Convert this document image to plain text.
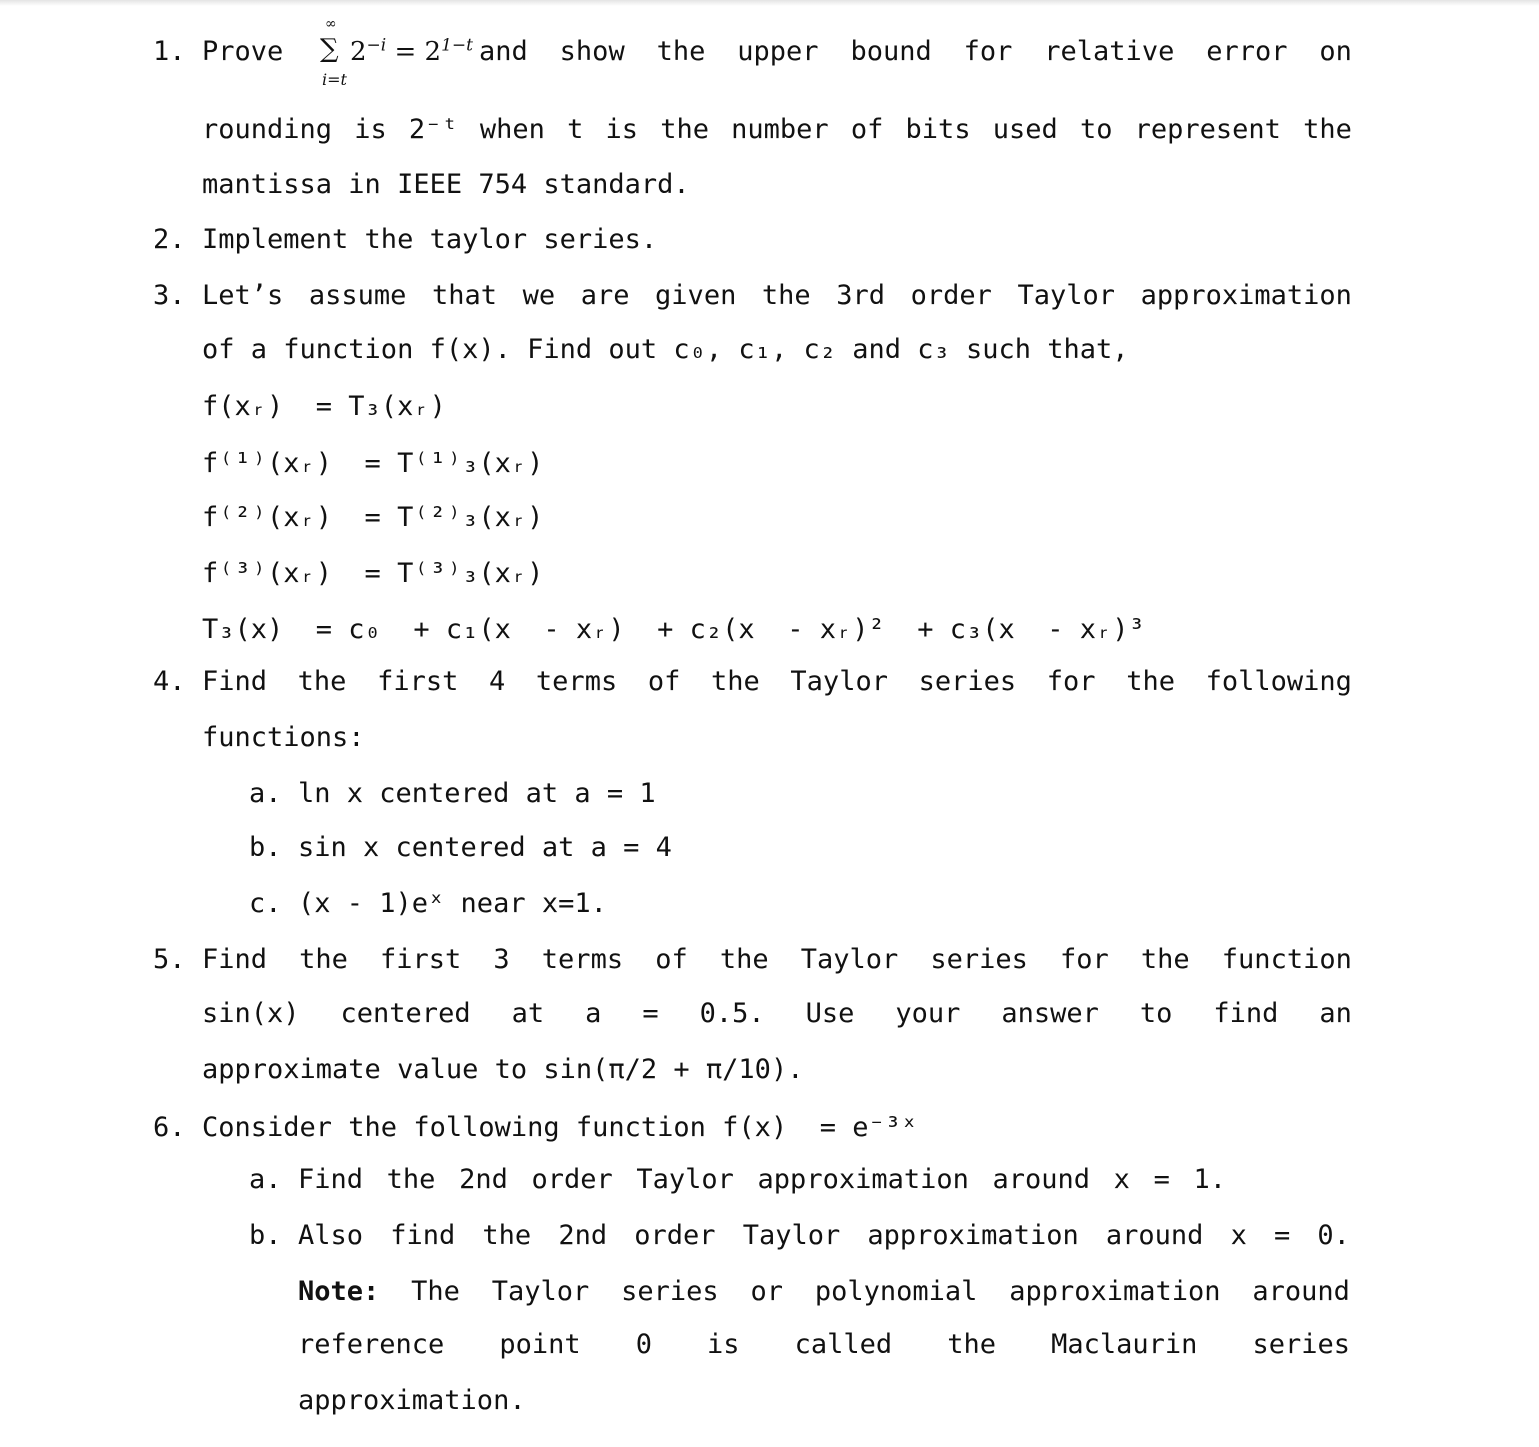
1. Prove
∞
∑
i=t
$2^{-i} = 2^{1-t}$ and show the upper bound for relative error on
rounding is 2⁻ᵗ when t is the number of bits used to represent the
mantissa in IEEE 754 standard.
2. Implement the taylor series.
3. Let’s assume that we are given the 3rd order Taylor approximation
of a function f(x). Find out c₀, c₁, c₂ and c₃ such that,
f(xᵣ)  = T₃(xᵣ)
f⁽¹⁾(xᵣ)  = T⁽¹⁾₃(xᵣ)
f⁽²⁾(xᵣ)  = T⁽²⁾₃(xᵣ)
f⁽³⁾(xᵣ)  = T⁽³⁾₃(xᵣ)
T₃(x)  = c₀  + c₁(x  - xᵣ)  + c₂(x  - xᵣ)²  + c₃(x  - xᵣ)³
4. Find the first 4 terms of the Taylor series for the following
functions:
a. ln x centered at a = 1
b. sin x centered at a = 4
c. (x - 1)eˣ near x=1.
5. Find the first 3 terms of the Taylor series for the function
sin(x) centered at a = 0.5. Use your answer to find an
approximate value to sin(π/2 + π/10).
6. Consider the following function f(x)  = e⁻³ˣ
a. Find the 2nd order Taylor approximation around x = 1.
b. Also find the 2nd order Taylor approximation around x = 0.
Note: The Taylor series or polynomial approximation around
reference point 0 is called the Maclaurin series
approximation.
